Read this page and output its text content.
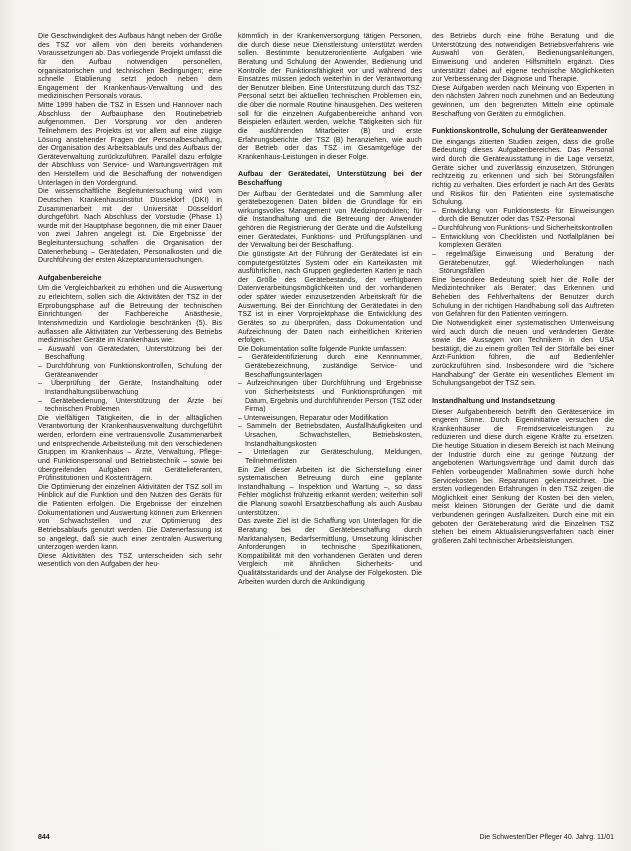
Die Geschwindigkeit des Aufbaus hängt neben der Größe des TSZ vor allem von den bereits vorhandenen Voraussetzungen ab. Das vorliegende Projekt umfasst die für den Aufbau notwendigen personellen, organisatorischen und technischen Bedingungen; eine schnelle Etablierung setzt jedoch neben dem Engagement der Krankenhaus-Verwaltung und des medizinischen Personals voraus.

Mitte 1999 haben die TSZ in Essen und Hannover nach Abschluss der Aufbauphase den Routinebetrieb aufgenommen. Der Vorsprung vor den anderen Teilnehmern des Projekts ist vor allem auf eine zügige Lösung anstehender Fragen der Personalbeschaffung, der Organisation des Arbeitsablaufs und des Aufbaus der Geräteverwaltung zurückzuführen. Parallel dazu erfolgte der Abschluss von Service- und Wartungsverträgen mit den Herstellern und die Beschaffung der notwendigen Unterlagen in den Vordergrund.

Die wissenschaftliche Begleituntersuchung wird vom Deutschen Krankenhausinstitut Düsseldorf (DKI) in Zusammenarbeit mit der Universität Düsseldorf durchgeführt. Nach Abschluss der Vorstudie (Phase 1) wurde mit der Hauptphase begonnen, die mit einer Dauer von zwei Jahren angelegt ist. Die Ergebnisse der Begleituntersuchung schaffen die Organisation der Datenerhebung – Gerätedaten, Personalkosten und die Durchführung der ersten Akzeptanzuntersuchungen.

Aufgabenbereiche

Um die Vergleichbarkeit zu erhöhen und die Auswertung zu erleichtern, sollen sich die Aktivitäten der TSZ in der Erprobungsphase auf die Betreuung der technischen Einrichtungen der Fachbereiche Anästhesie, Intensivmedizin und Kardiologie beschränken (5). Bis auflassen alle Aktivitäten zur Verbesserung des Betriebs medizinischer Geräte im Krankenhaus wie:

– Auswahl von Gerätedaten, Unterstützung bei der Beschaffung
– Durchführung von Funktionskontrollen, Schulung der Geräteanwender
– Überprüfung der Geräte, Instandhaltung oder Instandhaltungsüberwachung
– Gerätebedienung, Unterstützung der Ärzte bei technischen Problemen

Die vielfältigen Tätigkeiten, die in der alltäglichen Verantwortung der Krankenhausverwaltung durchgeführt werden, erfordern eine vertrauensvolle Zusammenarbeit und entsprechende Arbeitsteilung mit den verschiedenen Gruppen im Krankenhaus – Ärzte, Verwaltung, Pflege- und Funktionspersonal und Betriebstechnik – sowie bei übergreifenden Aufgaben mit Gerätelieferanten, Prüfinstitutionen und Kostenträgern.

Die Optimierung der einzelnen Aktivitäten der TSZ soll im Hinblick auf die Funktion und den Nutzen des Geräts für die Patienten erfolgen. Die Ergebnisse der einzelnen Dokumentationen und Auswertung können zum Erkennen von Schwachstellen und zur Optimierung des Betriebsablaufs genutzt werden. Die Datenerfassung ist so angelegt, daß sie auch einer zentralen Auswertung unterzogen werden kann.

Diese Aktivitäten des TSZ unterscheiden sich sehr wesentlich von den Aufgaben der heu-

kömmlich in der Krankenversorgung tätigen Personen, die durch diese neue Dienstleistung unterstützt werden sollen. Bestimmte benutzerorientierte Aufgaben wie Beratung und Schulung der Anwender, Bedienung und Kontrolle der Funktionsfähigkeit vor und während des Einsatzes müssen jedoch weiterhin in der Verantwortung der Benutzer bleiben. Eine Unterstützung durch das TSZ-Personal setzt bei aktuellen technischen Problemen ein, die über die normale Routine hinausgehen. Des weiteren soll für die einzelnen Aufgabenbereiche anhand von Beispielen erläutert werden, welche Tätigkeiten sich für die ausführenden Mitarbeiter (B) und erste Erfahrungsberichte der TSZ (B) heranziehen, wie auch der Betrieb oder das TSZ im Gesamtgefüge der Krankenhaus-Leistungen in dieser Folge.

Aufbau der Gerätedatei, Unterstützung bei der Beschaffung

Der Aufbau der Gerätedatei und die Sammlung aller gerätebezogenen Daten bilden die Grundlage für ein wirkungsvolles Management von Medizinprodukten; für die Instandhaltung und die Betreuung der Anwender gehören die Registrierung der Geräte und die Aufstellung einer Gerätedatei, Funktions- und Prüfungsplänen und der Verwaltung bei der Beschaffung.

Die günstigste Art der Führung der Gerätedatei ist ein computergestütztes System oder ein Karteikasten mit ausführlichen, nach Gruppen gegliederten Karten je nach der Größe des Gerätebestands, der verfügbaren Datenverarbeitungsmöglichkeiten und der vorhandenen oder später wieder einzusetzenden Arbeitskraft für die Auswertung. Bei der Einrichtung der Gerätedatei in den TSZ ist in einer Vorprojektphase die Entwicklung des Gerätes so zu überprüfen, dass Dokumentation und Aufzeichnung der Daten nach einheitlichen Kriterien erfolgen.

Die Dokumentation sollte folgende Punkte umfassen:

– Geräteidentifizierung durch eine Kennnummer, Gerätebezeichnung, zuständige Service- und Beschaffungsunterlagen
– Aufzeichnungen über Durchführung und Ergebnisse von Sicherheitstests und Funktionsprüfungen mit Datum, Ergebnis und durchführender Person (TSZ oder Firma)
– Unterweisungen, Reparatur oder Modifikation
– Sammeln der Betriebsdaten, Ausfallhäufigkeiten und Ursachen, Schwachstellen, Betriebskosten, Instandhaltungskosten
– Unterlagen zur Geräteschulung, Meldungen, Teilnehmerlisten

Ein Ziel dieser Arbeiten ist die Sicherstellung einer systematischen Betreuung durch eine geplante Instandhaltung – Inspektion und Wartung –, so dass Fehler möglichst frühzeitig erkannt werden; weiterhin soll die Planung sowohl Ersatzbeschaffung als auch Ausbau unterstützen.

Das zweite Ziel ist die Schaffung von Unterlagen für die Beratung bei der Gerätebeschaffung durch Marktanalysen, Bedarfsermittlung, Umsetzung klinischer Anforderungen in technische Spezifikationen, Kompatibilität mit den vorhandenen Geräten und deren Vergleich mit ähnlichen Sicherheits- und Qualitätsstandards und der Analyse der Folgekosten. Die Arbeiten wurden durch die Ankündigung

des Betriebs durch eine frühe Beratung und die Unterstützung des notwendigen Betriebsverfahrens wie Auswahl von Geräten, Bedienungsanleitungen, Einweisung und anderen Hilfsmitteln ergänzt. Dies unterstützt dabei auf eigene technische Möglichkeiten zur Verbesserung der Diagnose und Therapie.

Diese Aufgaben werden nach Meinung von Experten in den nächsten Jahren noch zunehmen und an Bedeutung gewinnen, um den begrenzten Mitteln eine optimale Beschaffung von Geräten zu ermöglichen.

Funktionskontrolle, Schulung der Geräteanwender

Die eingangs zitierten Studien zeigen, dass die große Bedeutung dieses Aufgabenbereiches. Das Personal wird durch die Geräteausstattung in die Lage versetzt, Geräte sicher und zuverlässig einzusetzen, Störungen rechtzeitig zu erkennen und sich bei Störungsfällen richtig zu verhalten. Dies erfordert je nach Art des Geräts und Risikos für den Patienten eine systematische Schulung.

– Entwicklung von Funktionstests für Einweisungen durch die Benutzer oder das TSZ-Personal
– Durchführung von Funktions- und Sicherheitskontrollen
– Entwicklung von Checklisten und Notfallplänen bei komplexen Geräten
– regelmäßige Einweisung und Beratung der Gerätebenutzer, ggf. Wiederholungen nach Störungsfällen

Eine besondere Bedeutung spielt hier die Rolle der Medizintechniker als Berater; das Erkennen und Beheben des Fehlverhaltens der Benutzer durch Schulung in der richtigen Handhabung soll das Auftreten von Gefahren für den Patienten verringern.

Die Notwendigkeit einer systematischen Unterweisung wird auch durch die neuen und veränderten Geräte sowie die Aussagen von Technikern in den USA bestätigt, die zu einem großen Teil der Störfälle bei einer Arzt-Funktion führen, die auf Bedienfehler zurückzuführen sind. Insbesondere wird die "sichere Handhabung" der Geräte ein wesentliches Element im Schulungsangebot der TSZ sein.

Instandhaltung und Instandsetzung

Dieser Aufgabenbereich betrifft den Geräteservice im engeren Sinne. Durch Eigeninitiative versuchen die Krankenhäuser die Fremdserviceleistungen zu reduzieren und diese durch eigene Kräfte zu ersetzen. Die heutige Situation in diesem Bereich ist nach Meinung der Industrie durch eine zu geringe Nutzung der angebotenen Wartungsverträge und damit durch das Fehlen vorbeugender Maßnahmen sowie durch hohe Servicekosten bei Reparaturen gekennzeichnet. Die ersten vorliegenden Erfahrungen in den TSZ zeigen die Möglichkeit einer Senkung der Kosten bei den vielen, meist kleinen Störungen der Geräte und die damit verbundenen geringen Ausfallzeiten. Durch eine mit ein geboten der Geräteberatung wird die Einzelnen TSZ stehen bei einem Aktualisierungsverfahren nach einer größeren Zahl technischer Arbeitsleistungen.

844	Die Schwester/Der Pfleger 40. Jahrg. 11/01
